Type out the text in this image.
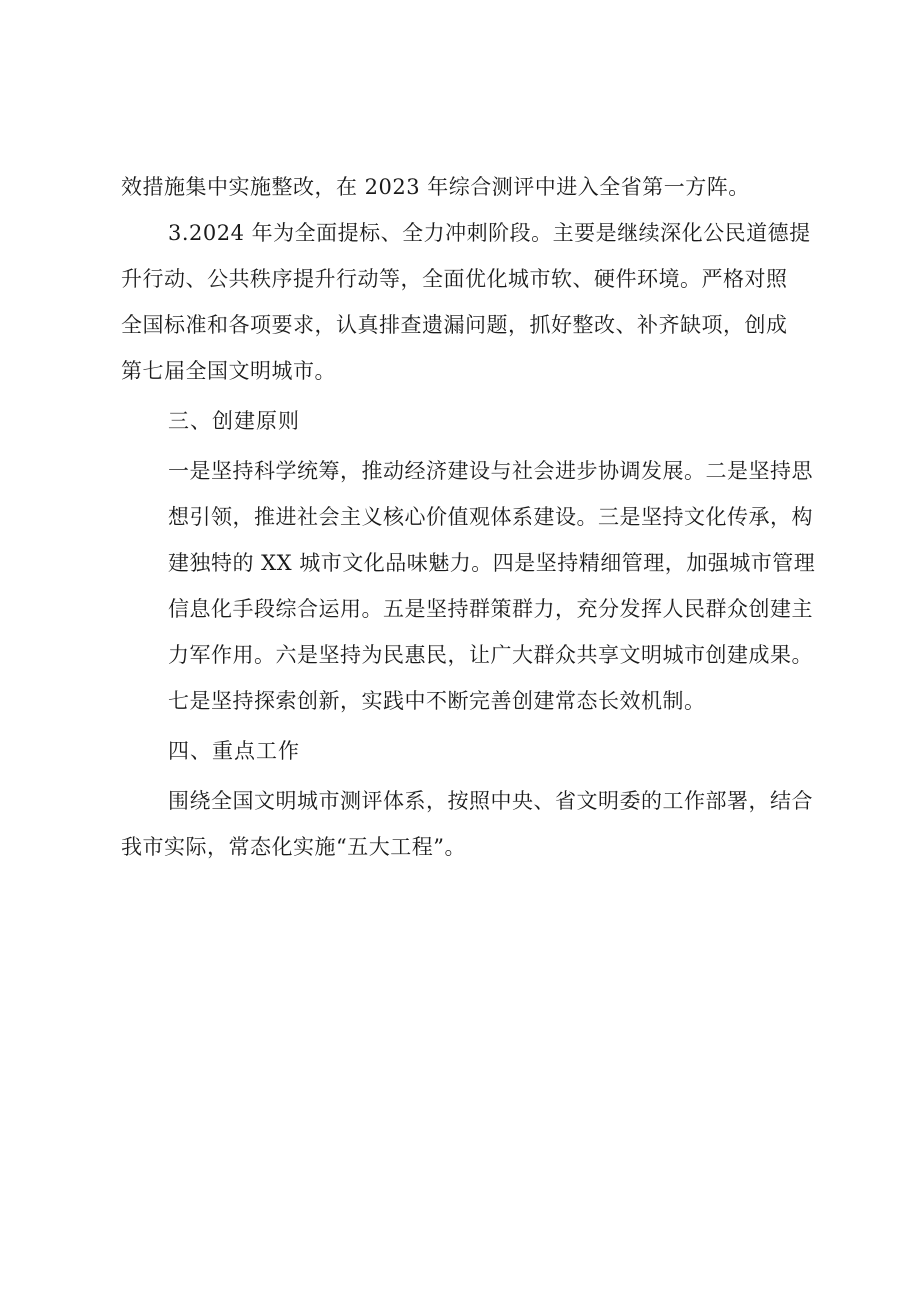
效措施集中实施整改，在 2023 年综合测评中进入全省第一方阵。
3.2024 年为全面提标、全力冲刺阶段。主要是继续深化公民道德提
升行动、公共秩序提升行动等，全面优化城市软、硬件环境。严格对照
全国标准和各项要求，认真排查遗漏问题，抓好整改、补齐缺项，创成
第七届全国文明城市。
三、创建原则
一是坚持科学统筹，推动经济建设与社会进步协调发展。二是坚持思
想引领，推进社会主义核心价值观体系建设。三是坚持文化传承，构
建独特的 XX 城市文化品味魅力。四是坚持精细管理，加强城市管理
信息化手段综合运用。五是坚持群策群力，充分发挥人民群众创建主
力军作用。六是坚持为民惠民，让广大群众共享文明城市创建成果。
七是坚持探索创新，实践中不断完善创建常态长效机制。
四、重点工作
围绕全国文明城市测评体系，按照中央、省文明委的工作部署，结合
我市实际，常态化实施“五大工程”。
